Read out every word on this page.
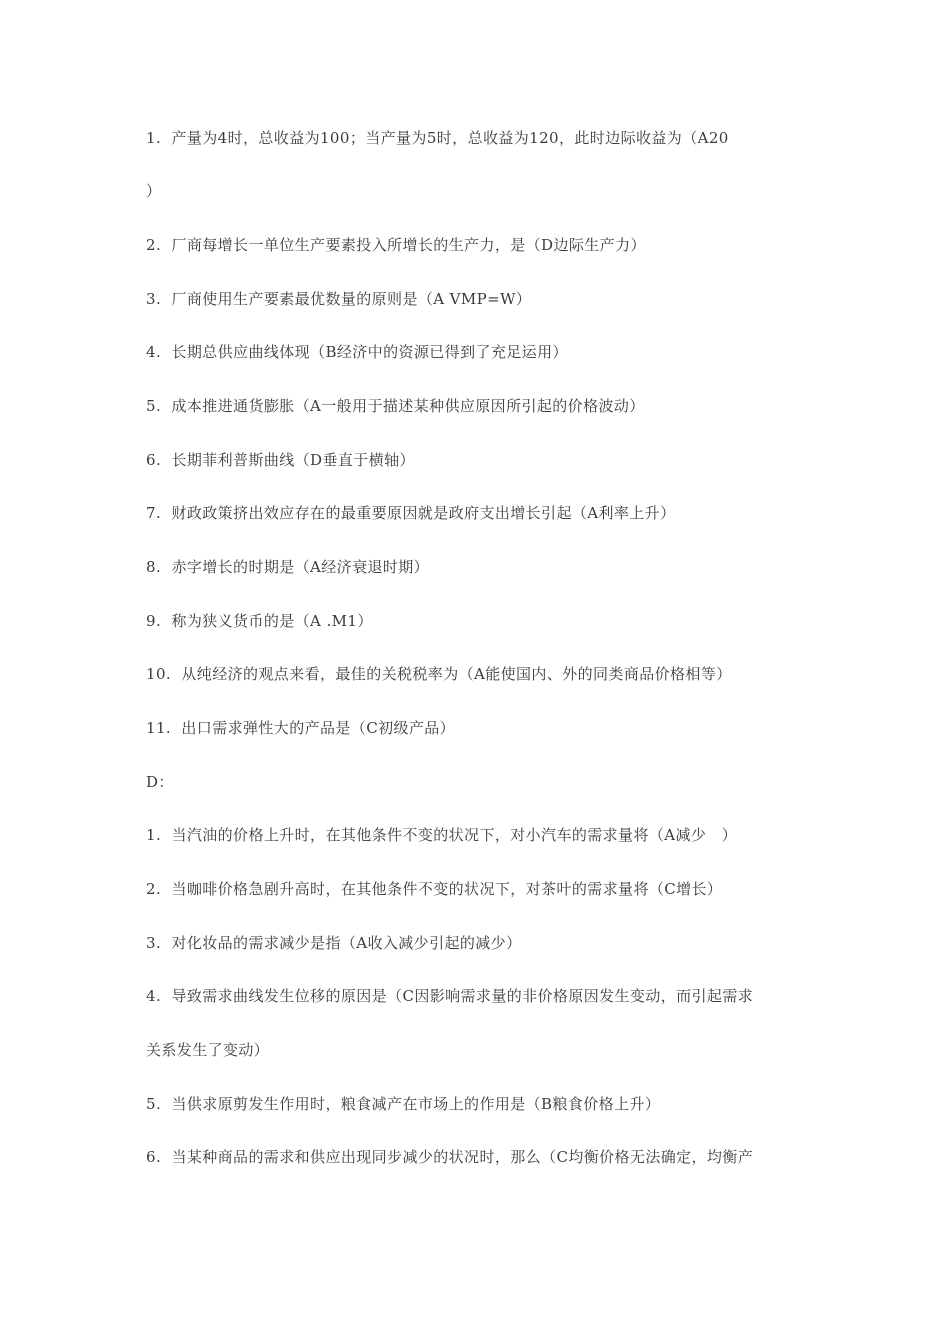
1.  产量为4时，总收益为100；当产量为5时，总收益为120，此时边际收益为（A20
）
2.  厂商每增长一单位生产要素投入所增长的生产力，是（D边际生产力）
3.  厂商使用生产要素最优数量的原则是（A VMP=W）
4.  长期总供应曲线体现（B经济中的资源已得到了充足运用）
5.  成本推进通货膨胀（A一般用于描述某种供应原因所引起的价格波动）
6.  长期菲利普斯曲线（D垂直于横轴）
7.  财政政策挤出效应存在的最重要原因就是政府支出增长引起（A利率上升）
8.  赤字增长的时期是（A经济衰退时期）
9.  称为狭义货币的是（A .M1）
10.  从纯经济的观点来看，最佳的关税税率为（A能使国内、外的同类商品价格相等）
11.  出口需求弹性大的产品是（C初级产品）
D：
1.  当汽油的价格上升时，在其他条件不变的状况下，对小汽车的需求量将（A减少   ）
2.  当咖啡价格急剧升高时，在其他条件不变的状况下，对茶叶的需求量将（C增长）
3.  对化妆品的需求减少是指（A收入减少引起的减少）
4.  导致需求曲线发生位移的原因是（C因影响需求量的非价格原因发生变动，而引起需求
关系发生了变动）
5.  当供求原剪发生作用时，粮食减产在市场上的作用是（B粮食价格上升）
6.  当某种商品的需求和供应出现同步减少的状况时，那么（C均衡价格无法确定，均衡产
